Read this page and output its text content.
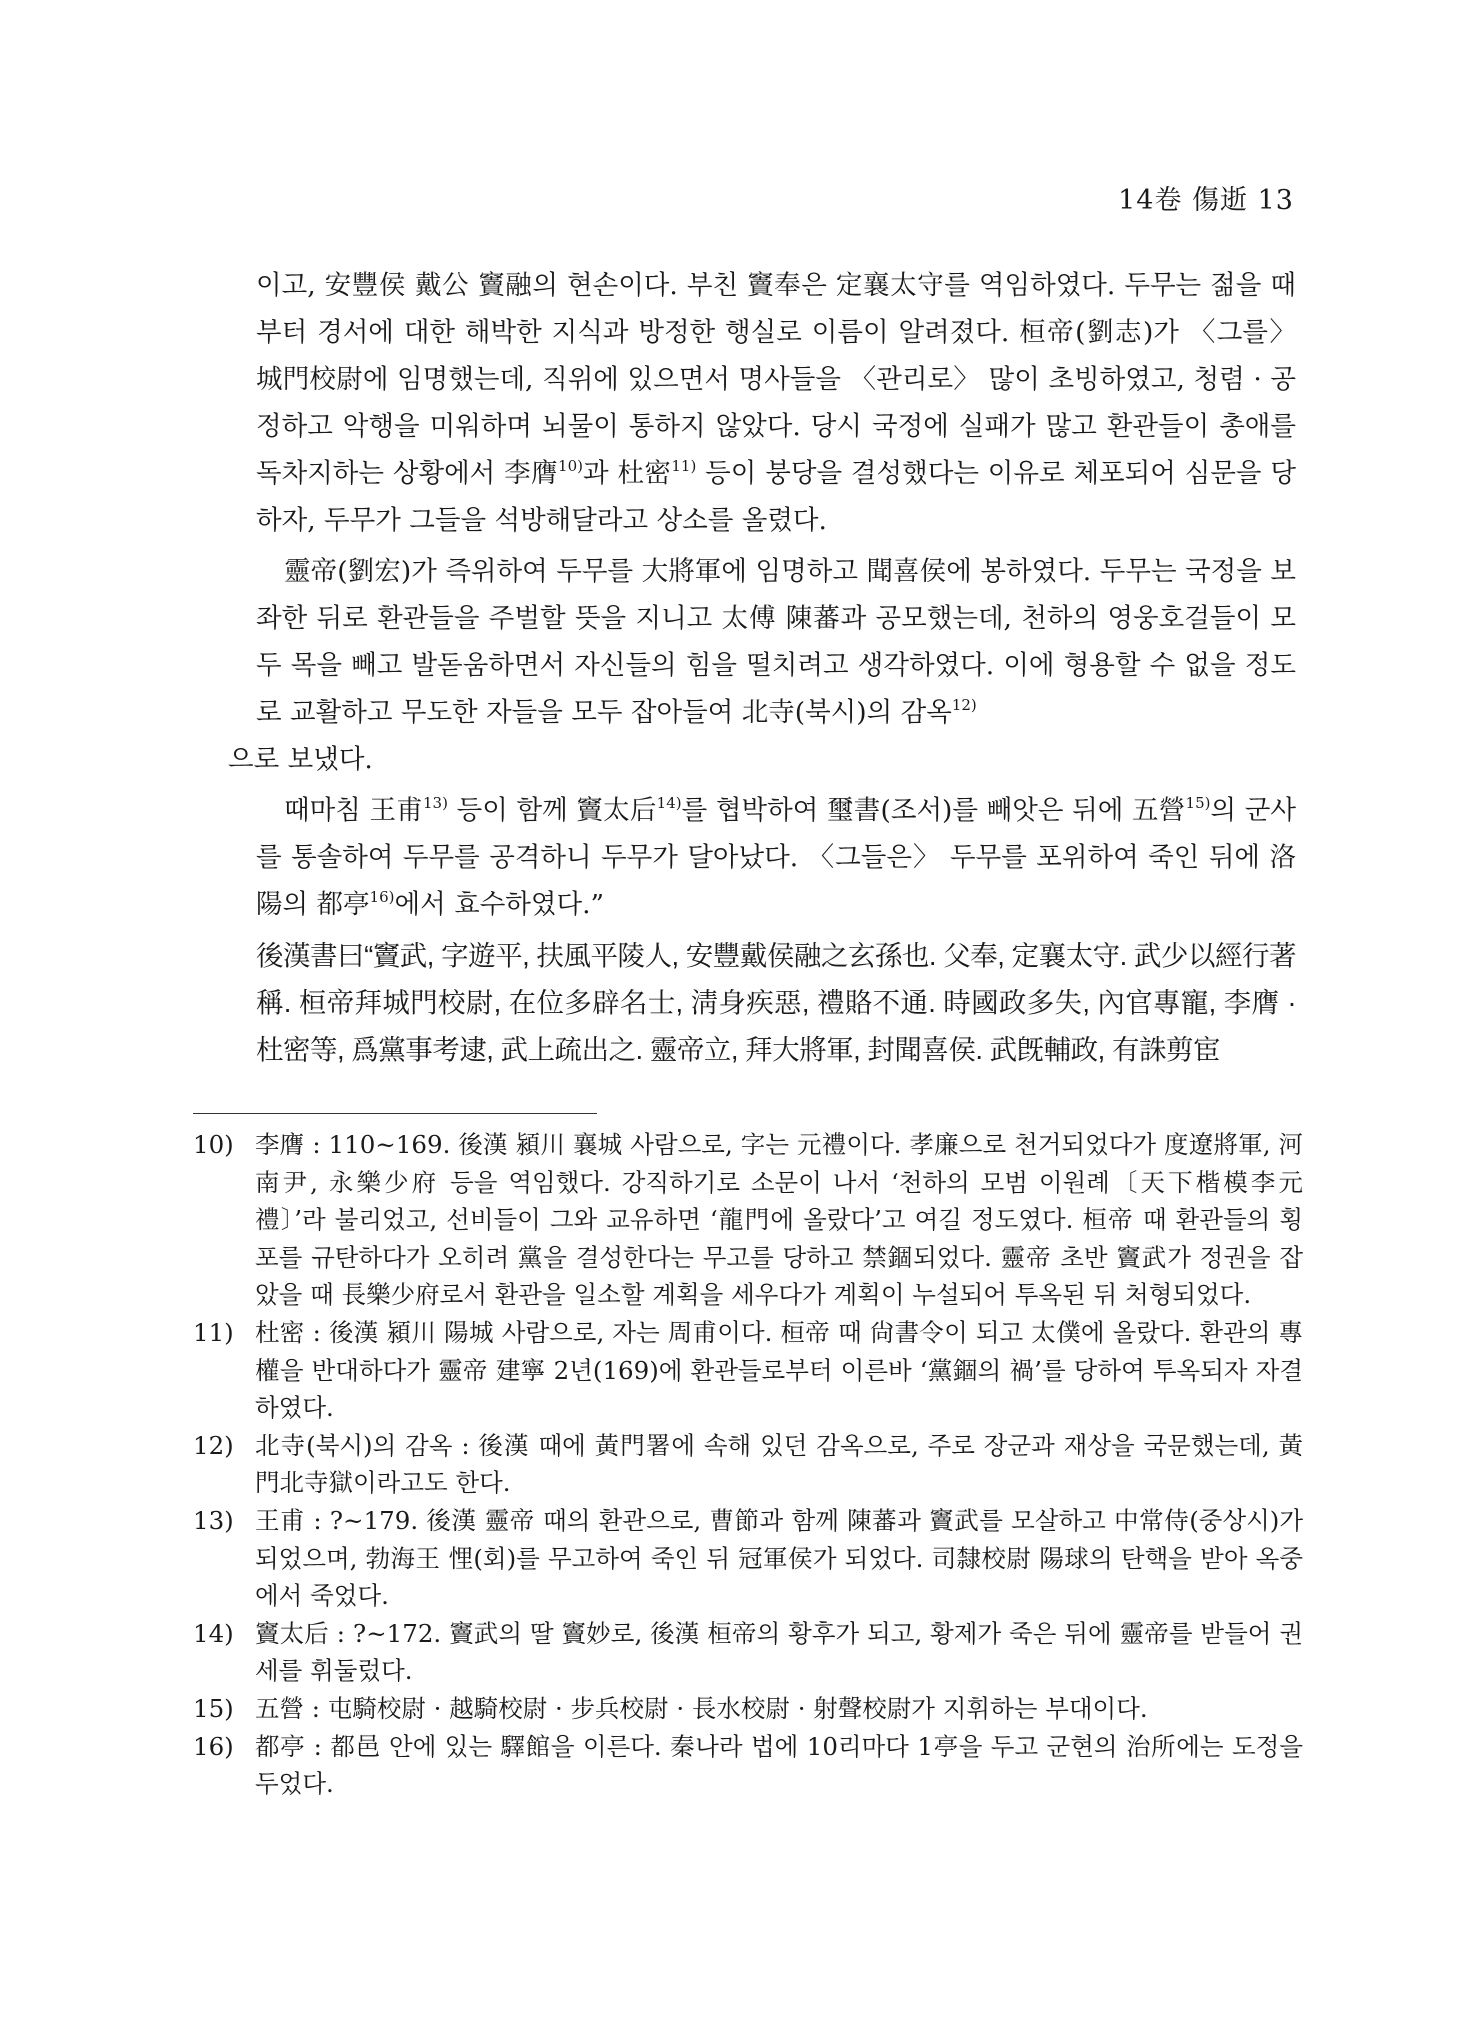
14卷 傷逝 13

이고, 安豐侯 戴公 竇融의 현손이다. 부친 竇奉은 定襄太守를 역임하였다. 두무는 젊을 때부터 경서에 대한 해박한 지식과 방정한 행실로 이름이 알려졌다. 桓帝(劉志)가 〈그를〉 城門校尉에 임명했는데, 직위에 있으면서 명사들을 〈관리로〉 많이 초빙하였고, 청렴 · 공정하고 악행을 미워하며 뇌물이 통하지 않았다. 당시 국정에 실패가 많고 환관들이 총애를 독차지하는 상황에서 李膺$^{10)}$과 杜密$^{11)}$ 등이 붕당을 결성했다는 이유로 체포되어 심문을 당하자, 두무가 그들을 석방해달라고 상소를 올렸다.

靈帝(劉宏)가 즉위하여 두무를 大將軍에 임명하고 聞喜侯에 봉하였다. 두무는 국정을 보좌한 뒤로 환관들을 주벌할 뜻을 지니고 太傅 陳蕃과 공모했는데, 천하의 영웅호걸들이 모두 목을 빼고 발돋움하면서 자신들의 힘을 떨치려고 생각하였다. 이에 형용할 수 없을 정도로 교활하고 무도한 자들을 모두 잡아들여 北寺(북시)의 감옥$^{12)}$
으로 보냈다.

때마침 王甫$^{13)}$ 등이 함께 竇太后$^{14)}$를 협박하여 璽書(조서)를 빼앗은 뒤에 五營$^{15)}$의 군사를 통솔하여 두무를 공격하니 두무가 달아났다. 〈그들은〉 두무를 포위하여 죽인 뒤에 洛陽의 都亭$^{16)}$에서 효수하였다.”

後漢書曰“竇武, 字遊平, 扶風平陵人, 安豐戴侯融之玄孫也. 父奉, 定襄太守. 武少以經行著稱. 桓帝拜城門校尉, 在位多辟名士, 淸身疾惡, 禮賂不通. 時國政多失, 內官專寵, 李膺 · 杜密等, 爲黨事考逮, 武上疏出之. 靈帝立, 拜大將軍, 封聞喜侯. 武旣輔政, 有誅剪宦

10) 李膺 : 110~169. 後漢 潁川 襄城 사람으로, 字는 元禮이다. 孝廉으로 천거되었다가 度遼將軍, 河南尹, 永樂少府 등을 역임했다. 강직하기로 소문이 나서 ‘천하의 모범 이원례〔天下楷模李元禮〕’라 불리었고, 선비들이 그와 교유하면 ‘龍門에 올랐다’고 여길 정도였다. 桓帝 때 환관들의 횡포를 규탄하다가 오히려 黨을 결성한다는 무고를 당하고 禁錮되었다. 靈帝 초반 竇武가 정권을 잡았을 때 長樂少府로서 환관을 일소할 계획을 세우다가 계획이 누설되어 투옥된 뒤 처형되었다.
11) 杜密 : 後漢 潁川 陽城 사람으로, 자는 周甫이다. 桓帝 때 尙書令이 되고 太僕에 올랐다. 환관의 專權을 반대하다가 靈帝 建寧 2년(169)에 환관들로부터 이른바 ‘黨錮의 禍’를 당하여 투옥되자 자결하였다.
12) 北寺(북시)의 감옥 : 後漢 때에 黃門署에 속해 있던 감옥으로, 주로 장군과 재상을 국문했는데, 黃門北寺獄이라고도 한다.
13) 王甫 : ?~179. 後漢 靈帝 때의 환관으로, 曹節과 함께 陳蕃과 竇武를 모살하고 中常侍(중상시)가 되었으며, 勃海王 悝(회)를 무고하여 죽인 뒤 冠軍侯가 되었다. 司隸校尉 陽球의 탄핵을 받아 옥중에서 죽었다.
14) 竇太后 : ?~172. 竇武의 딸 竇妙로, 後漢 桓帝의 황후가 되고, 황제가 죽은 뒤에 靈帝를 받들어 권세를 휘둘렀다.
15) 五營 : 屯騎校尉 · 越騎校尉 · 步兵校尉 · 長水校尉 · 射聲校尉가 지휘하는 부대이다.
16) 都亭 : 都邑 안에 있는 驛館을 이른다. 秦나라 법에 10리마다 1亭을 두고 군현의 治所에는 도정을 두었다.
